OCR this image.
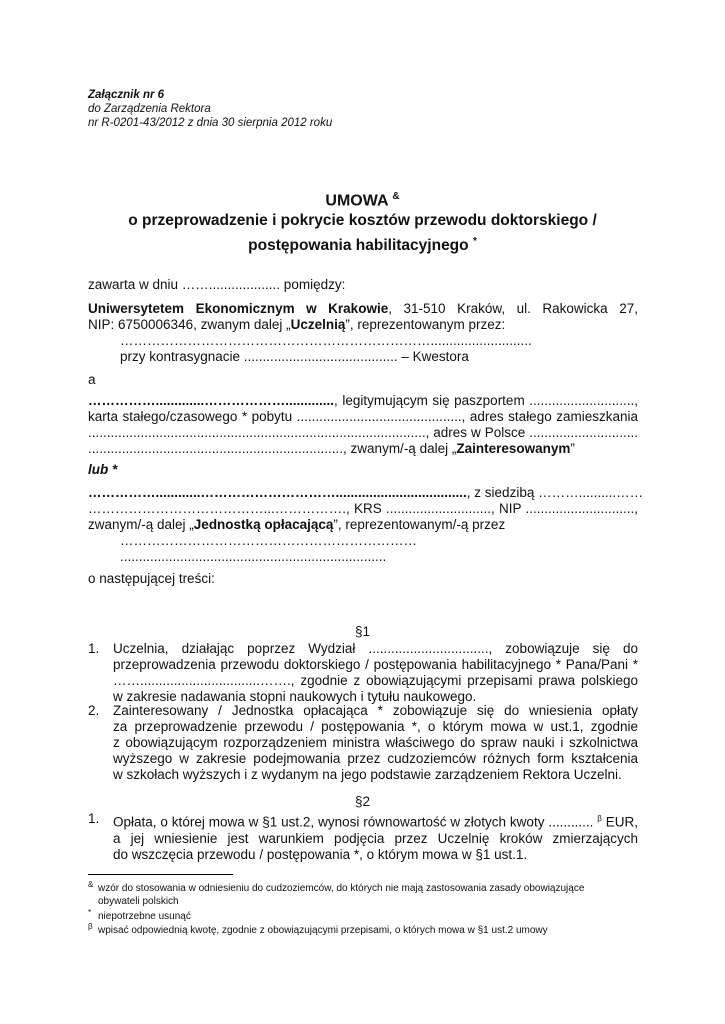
Załącznik nr 6
do Zarządzenia Rektora
nr R-0201-43/2012 z dnia 30 sierpnia 2012 roku
UMOWA &
o przeprowadzenie i pokrycie kosztów przewodu doktorskiego /
postępowania habilitacyjnego *
zawarta w dniu ……................... pomiędzy:
Uniwersytetem Ekonomicznym w Krakowie, 31-510 Kraków, ul. Rakowicka 27,
NIP: 6750006346, zwanym dalej „Uczelnią”, reprezentowanym przez:
……………………………………………………………...........................
przy kontrasygnacie ......................................... – Kwestora
a
…………….............………………............., legitymującym się paszportem ............................,
karta stałego/czasowego * pobytu ............................................, adres stałego zamieszkania
.........................................................................................., adres w Polsce .............................
...................................................................., zwanym/-ą dalej „Zainteresowanym”
lub *
……………............…………………………..................................., z siedzibą ………..........……
…………………………………...……………., KRS ............................, NIP .............................,
zwanym/-ą dalej „Jednostką opłacającą”, reprezentowanym/-ą przez
…………………………………………………………
.......................................................................
o następującej treści:
§1
1. Uczelnia, działając poprzez Wydział ................................, zobowiązuje się do
przeprowadzenia przewodu doktorskiego / postępowania habilitacyjnego * Pana/Pani *
……................................……., zgodnie z obowiązującymi przepisami prawa polskiego
w zakresie nadawania stopni naukowych i tytułu naukowego.
2. Zainteresowany / Jednostka opłacająca * zobowiązuje się do wniesienia opłaty
za przeprowadzenie przewodu / postępowania *, o którym mowa w ust.1, zgodnie
z obowiązującym rozporządzeniem ministra właściwego do spraw nauki i szkolnictwa
wyższego w zakresie podejmowania przez cudzoziemców różnych form kształcenia
w szkołach wyższych i z wydanym na jego podstawie zarządzeniem Rektora Uczelni.
§2
1. Opłata, o której mowa w §1 ust.2, wynosi równowartość w złotych kwoty ............ $^\beta$ EUR,
a jej wniesienie jest warunkiem podjęcia przez Uczelnię kroków zmierzających
do wszczęcia przewodu / postępowania *, o którym mowa w §1 ust.1.
& wzór do stosowania w odniesieniu do cudzoziemców, do których nie mają zastosowania zasady obowiązujące
obywateli polskich
* niepotrzebne usunąć
β wpisać odpowiednią kwotę, zgodnie z obowiązującymi przepisami, o których mowa w §1 ust.2 umowy
